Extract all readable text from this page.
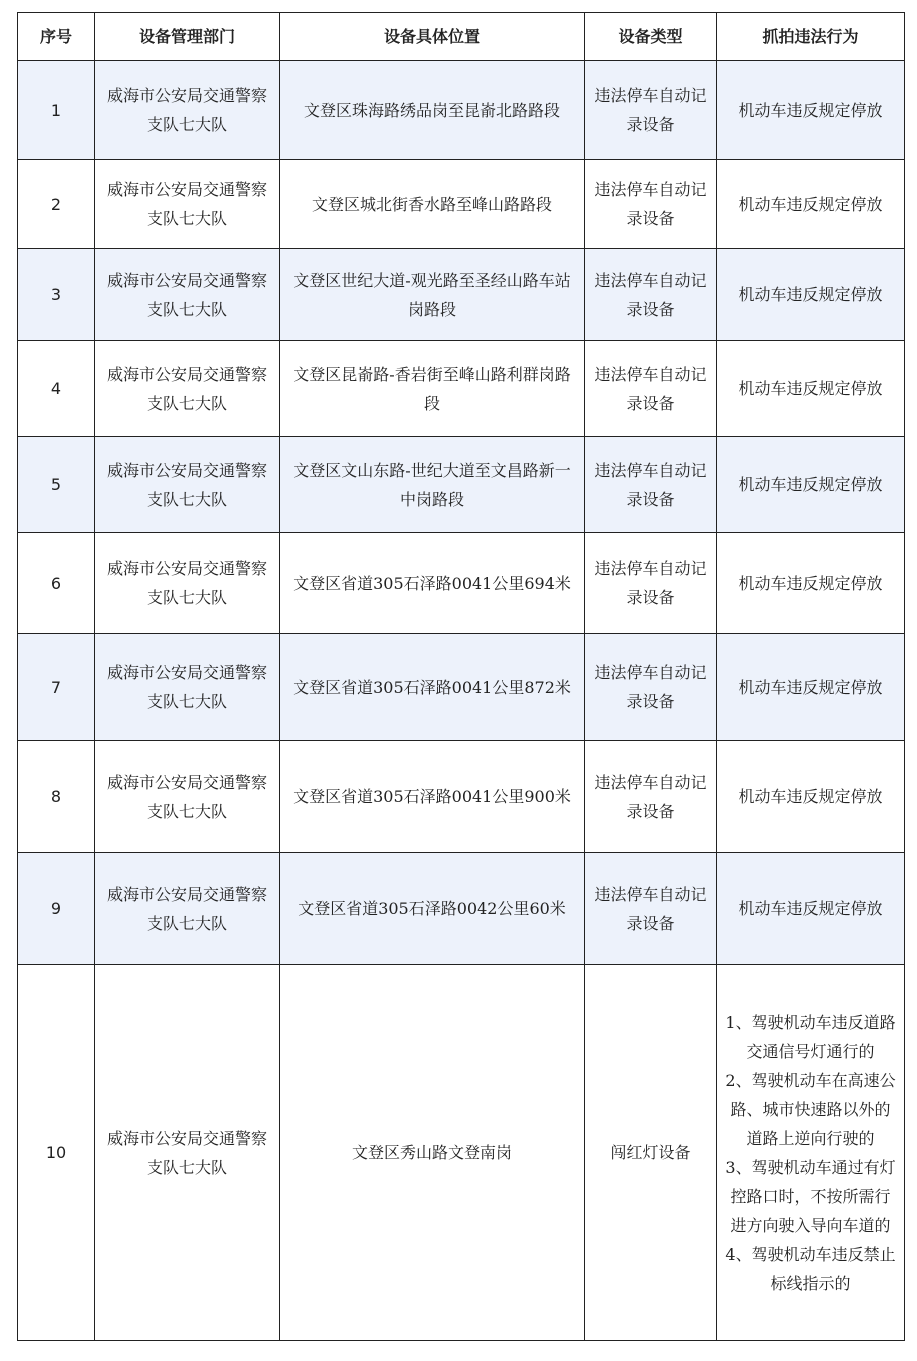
序号	设备管理部门	设备具体位置	设备类型	抓拍违法行为
1	威海市公安局交通警察支队七大队	文登区珠海路绣品岗至昆嵛北路路段	违法停车自动记录设备	机动车违反规定停放
2	威海市公安局交通警察支队七大队	文登区城北街香水路至峰山路路段	违法停车自动记录设备	机动车违反规定停放
3	威海市公安局交通警察支队七大队	文登区世纪大道-观光路至圣经山路车站岗路段	违法停车自动记录设备	机动车违反规定停放
4	威海市公安局交通警察支队七大队	文登区昆嵛路-香岩街至峰山路利群岗路段	违法停车自动记录设备	机动车违反规定停放
5	威海市公安局交通警察支队七大队	文登区文山东路-世纪大道至文昌路新一中岗路段	违法停车自动记录设备	机动车违反规定停放
6	威海市公安局交通警察支队七大队	文登区省道305石泽路0041公里694米	违法停车自动记录设备	机动车违反规定停放
7	威海市公安局交通警察支队七大队	文登区省道305石泽路0041公里872米	违法停车自动记录设备	机动车违反规定停放
8	威海市公安局交通警察支队七大队	文登区省道305石泽路0041公里900米	违法停车自动记录设备	机动车违反规定停放
9	威海市公安局交通警察支队七大队	文登区省道305石泽路0042公里60米	违法停车自动记录设备	机动车违反规定停放
10	威海市公安局交通警察支队七大队	文登区秀山路文登南岗	闯红灯设备	1、驾驶机动车违反道路交通信号灯通行的
2、驾驶机动车在高速公路、城市快速路以外的道路上逆向行驶的
3、驾驶机动车通过有灯控路口时，不按所需行进方向驶入导向车道的
4、驾驶机动车违反禁止标线指示的
